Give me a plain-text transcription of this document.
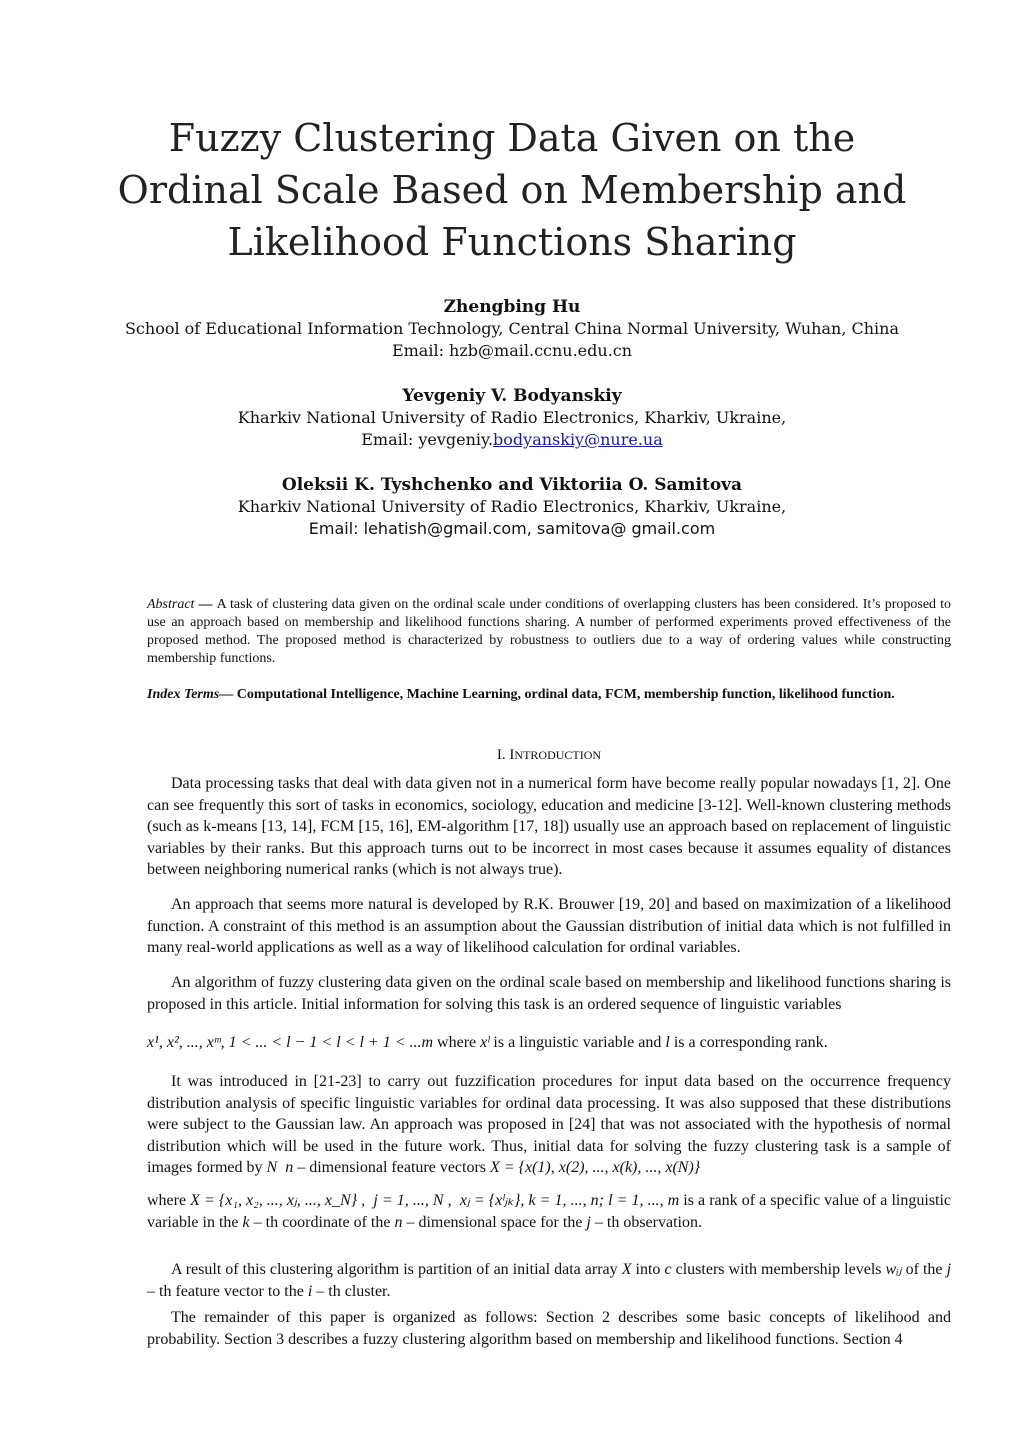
Fuzzy Clustering Data Given on the
Ordinal Scale Based on Membership and
Likelihood Functions Sharing
Zhengbing Hu
School of Educational Information Technology, Central China Normal University, Wuhan, China
Email: hzb@mail.ccnu.edu.cn
Yevgeniy V. Bodyanskiy
Kharkiv National University of Radio Electronics, Kharkiv, Ukraine,
Email: yevgeniy.bodyanskiy@nure.ua
Oleksii K. Tyshchenko and Viktoriia O. Samitova
Kharkiv National University of Radio Electronics, Kharkiv, Ukraine,
Email: lehatish@gmail.com, samitova@ gmail.com
Abstract — A task of clustering data given on the ordinal scale under conditions of overlapping clusters has been considered. It’s proposed to use an approach based on membership and likelihood functions sharing. A number of performed experiments proved effectiveness of the proposed method. The proposed method is characterized by robustness to outliers due to a way of ordering values while constructing membership functions.
Index Terms— Computational Intelligence, Machine Learning, ordinal data, FCM, membership function, likelihood function.
I. INTRODUCTION
Data processing tasks that deal with data given not in a numerical form have become really popular nowadays [1, 2]. One can see frequently this sort of tasks in economics, sociology, education and medicine [3-12]. Well-known clustering methods (such as k-means [13, 14], FCM [15, 16], EM-algorithm [17, 18]) usually use an approach based on replacement of linguistic variables by their ranks. But this approach turns out to be incorrect in most cases because it assumes equality of distances between neighboring numerical ranks (which is not always true).
An approach that seems more natural is developed by R.K. Brouwer [19, 20] and based on maximization of a likelihood function. A constraint of this method is an assumption about the Gaussian distribution of initial data which is not fulfilled in many real-world applications as well as a way of likelihood calculation for ordinal variables.
An algorithm of fuzzy clustering data given on the ordinal scale based on membership and likelihood functions sharing is proposed in this article. Initial information for solving this task is an ordered sequence of linguistic variables
x¹, x², ..., xᵐ, 1 < ... < l − 1 < l < l + 1 < ...m where xˡ is a linguistic variable and l is a corresponding rank.
It was introduced in [21-23] to carry out fuzzification procedures for input data based on the occurrence frequency distribution analysis of specific linguistic variables for ordinal data processing. It was also supposed that these distributions were subject to the Gaussian law. An approach was proposed in [24] that was not associated with the hypothesis of normal distribution which will be used in the future work. Thus, initial data for solving the fuzzy clustering task is a sample of images formed by N n – dimensional feature vectors X = {x(1), x(2), ..., x(k), ..., x(N)}
where X = {x₁, x₂, ..., xⱼ, ..., x_N} , j = 1, ..., N , xⱼ = {xˡⱼₖ}, k = 1, ..., n; l = 1, ..., m is a rank of a specific value of a linguistic variable in the k – th coordinate of the n – dimensional space for the j – th observation.
A result of this clustering algorithm is partition of an initial data array X into c clusters with membership levels wᵢⱼ of the j – th feature vector to the i – th cluster.
The remainder of this paper is organized as follows: Section 2 describes some basic concepts of likelihood and probability. Section 3 describes a fuzzy clustering algorithm based on membership and likelihood functions. Section 4
